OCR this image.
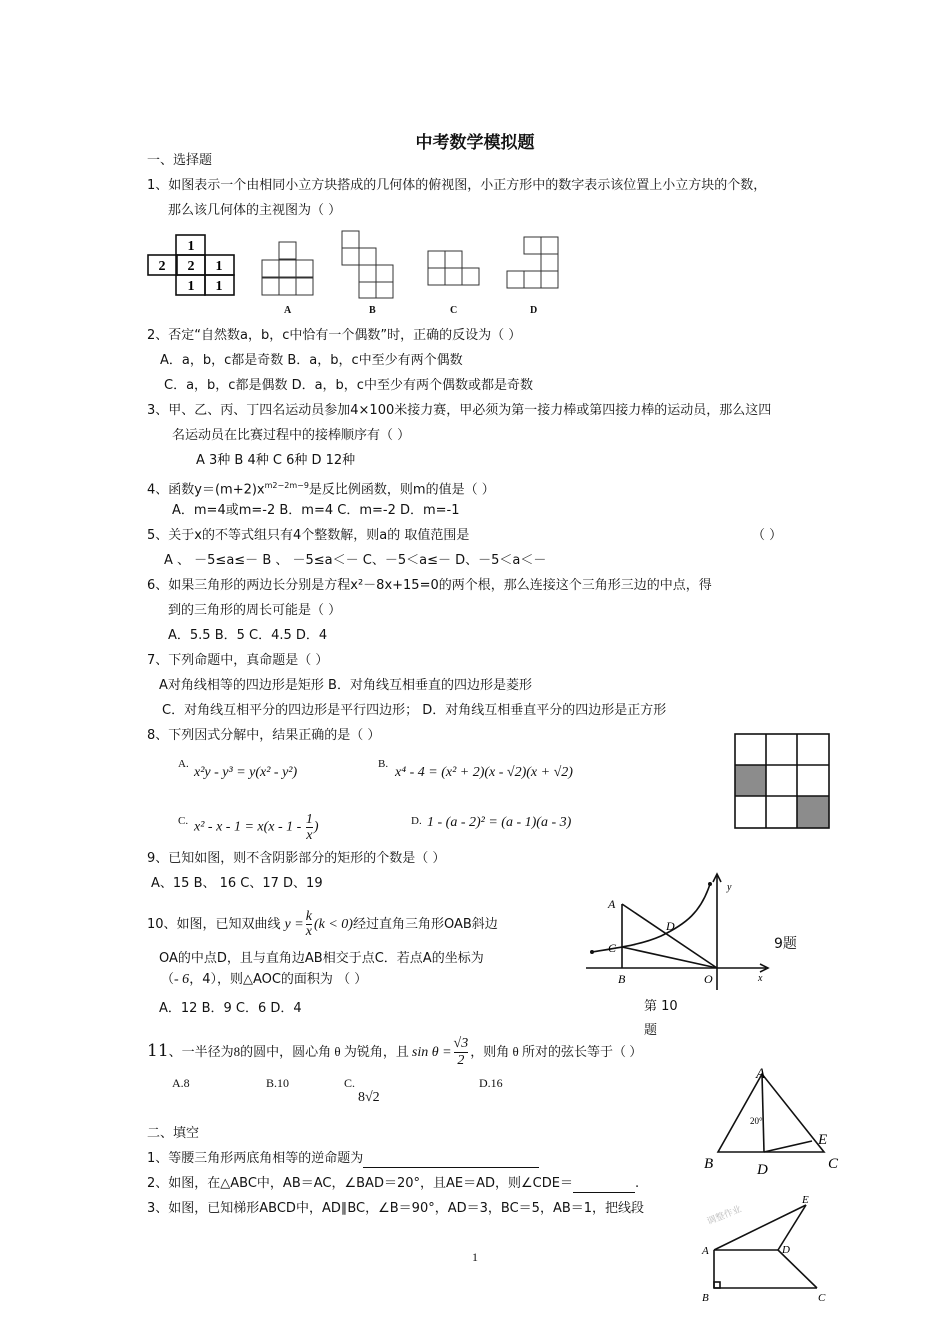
中考数学模拟题
一、选择题
1、如图表示一个由相同小立方块搭成的几何体的俯视图，小正方形中的数字表示该位置上小立方块的个数，
那么该几何体的主视图为（ ）
1
2 2 1
1 1
A	B	C	D
2、否定“自然数a，b，c中恰有一个偶数”时，正确的反设为（ ）
A．a，b，c都是奇数 B．a，b，c中至少有两个偶数
C．a，b，c都是偶数 D．a，b，c中至少有两个偶数或都是奇数
3、甲、乙、丙、丁四名运动员参加4×100米接力赛，甲必须为第一接力棒或第四接力棒的运动员，那么这四
名运动员在比赛过程中的接棒顺序有（ ）
A 3种 B 4种 C 6种 D 12种
4、函数$y=(m+2)x^{m2-2m-9}$是反比例函数，则m的值是（ ）
A．m=4或m=-2 B．m=4 C．m=-2 D．m=-1
5、关于x的不等式组只有4个整数解，则a的 取值范围是	（ ）
A 、 －5≤a≤－ B 、 －5≤a＜－ C、－5＜a≤－ D、－5＜a＜－
6、如果三角形的两边长分别是方程x²－8x+15=0的两个根，那么连接这个三角形三边的中点，得
到的三角形的周长可能是（ ）
A．5.5 B．5 C．4.5 D．4
7、下列命题中，真命题是（ ）
A对角线相等的四边形是矩形 B．对角线互相垂直的四边形是菱形
C．对角线互相平分的四边形是平行四边形； D．对角线互相垂直平分的四边形是正方形
8、下列因式分解中，结果正确的是（ ）
A.
x²y - y³ = y(x² - y²)
B.
x⁴ - 4 = (x² + 2)(x - √2)(x + √2)
C. $x^2 - x - 1 = x(x - 1 - \frac{1}{x}$ )	D. 1 - (a - 2)² = (a - 1)(a - 3)
9、已知如图，则不含阴影部分的矩形的个数是（ ）
A、15 B、 16 C、17 D、19
10、如图，已知双曲线 $y = \frac{k}{x} (k < 0)$经过直角三角形OAB斜边
OA的中点D，且与直角边AB相交于点C．若点A的坐标为
（- 6，4），则△AOC的面积为 （ ）
A．12 B．9 C．6 D．4
A
D
C
B	O	x
y
9题
第 10
题
11、一半径为8的圆中，圆心角 θ 为锐角，且 $\sin \theta = \frac{√3}{2}$ ，则角 θ 所对的弦长等于（ ）
A.8	B.10	C.
8√2
D.16
A
B	C
D
E
20°
二、填空
1、等腰三角形两底角相等的逆命题为
2、如图，在△ABC中，AB＝AC，∠BAD＝20°，且AE＝AD，则∠CDE＝	.
3、如图，已知梯形ABCD中，AD∥BC，∠B＝90°，AD＝3，BC＝5，AB＝1，把线段	调整作业
A
B	C
D
E
1
